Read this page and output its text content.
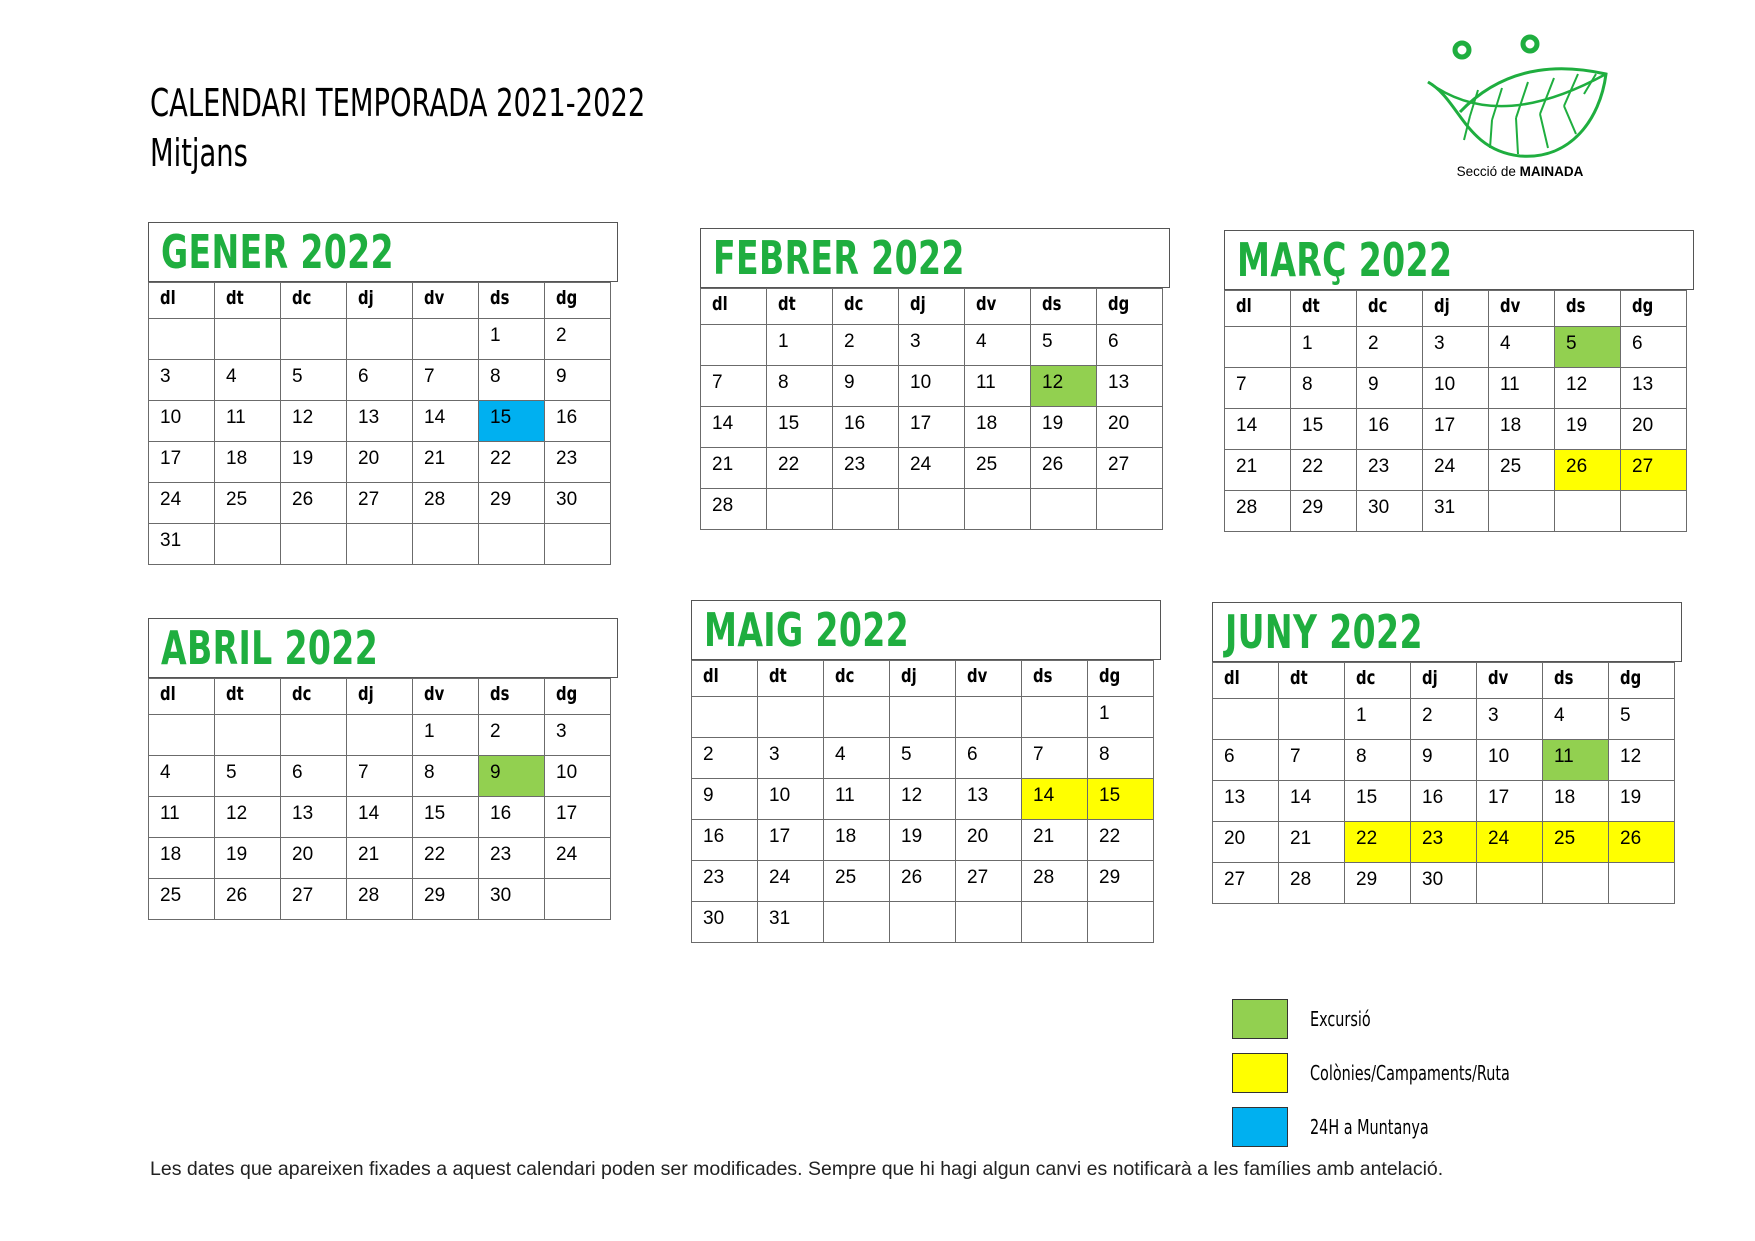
CALENDARI TEMPORADA 2021-2022
Mitjans	Secció de MAINADA
GENER 2022
dl	dt	dc	dj	dv	ds	dg
					1	2
3	4	5	6	7	8	9
10	11	12	13	14	15	16
17	18	19	20	21	22	23
24	25	26	27	28	29	30
31						
FEBRER 2022
dl	dt	dc	dj	dv	ds	dg
	1	2	3	4	5	6
7	8	9	10	11	12	13
14	15	16	17	18	19	20
21	22	23	24	25	26	27
28						
MARÇ 2022
dl	dt	dc	dj	dv	ds	dg
	1	2	3	4	5	6
7	8	9	10	11	12	13
14	15	16	17	18	19	20
21	22	23	24	25	26	27
28	29	30	31			
ABRIL 2022
dl	dt	dc	dj	dv	ds	dg
				1	2	3
4	5	6	7	8	9	10
11	12	13	14	15	16	17
18	19	20	21	22	23	24
25	26	27	28	29	30	
MAIG 2022
dl	dt	dc	dj	dv	ds	dg
						1
2	3	4	5	6	7	8
9	10	11	12	13	14	15
16	17	18	19	20	21	22
23	24	25	26	27	28	29
30	31					
JUNY 2022
dl	dt	dc	dj	dv	ds	dg
		1	2	3	4	5
6	7	8	9	10	11	12
13	14	15	16	17	18	19
20	21	22	23	24	25	26
27	28	29	30			
Excursió
Colònies/Campaments/Ruta
24H a Muntanya
Les dates que apareixen fixades a aquest calendari poden ser modificades. Sempre que hi hagi algun canvi es notificarà a les famílies amb antelació.
